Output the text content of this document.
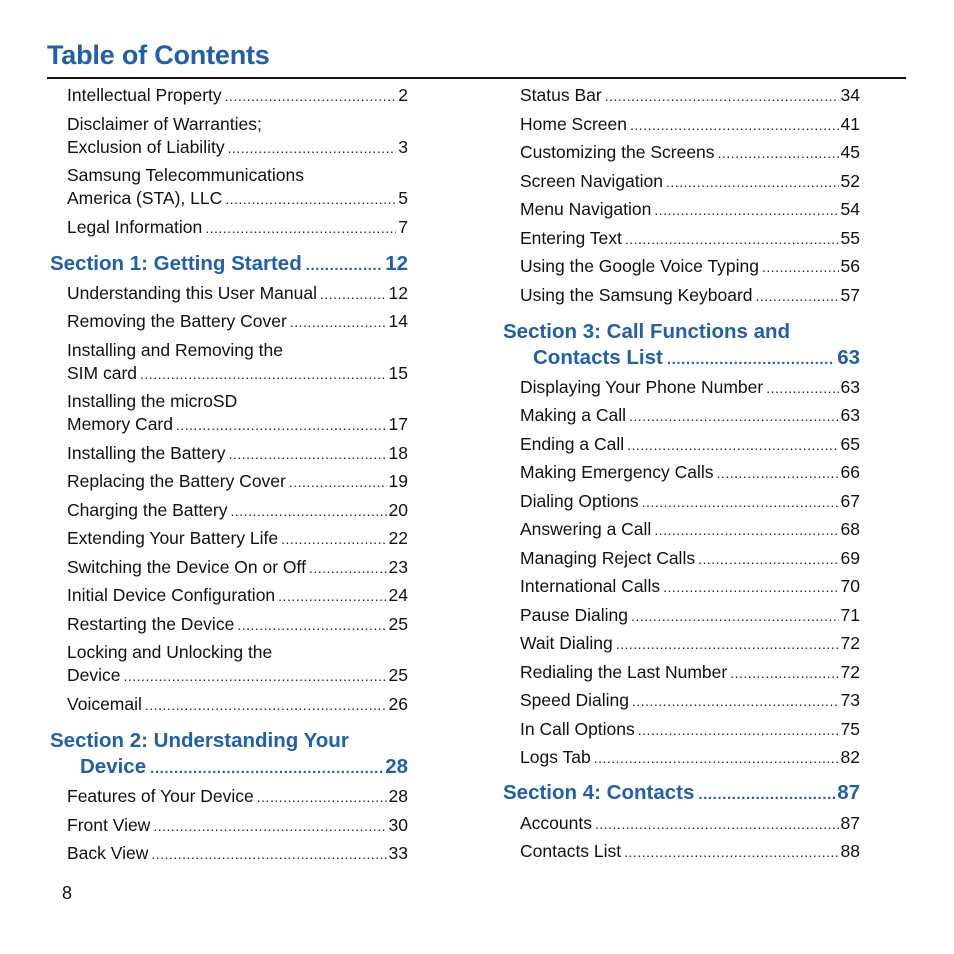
Table of Contents
Intellectual Property .....	2
Disclaimer of Warranties;
Exclusion of Liability .....	3
Samsung Telecommunications
America (STA), LLC .....	5
Legal Information .....	7
Section 1: Getting Started .....	12
Understanding this User Manual .....	12
Removing the Battery Cover .....	14
Installing and Removing the
SIM card .....	15
Installing the microSD
Memory Card .....	17
Installing the Battery .....	18
Replacing the Battery Cover .....	19
Charging the Battery .....	20
Extending Your Battery Life .....	22
Switching the Device On or Off .....	23
Initial Device Configuration .....	24
Restarting the Device .....	25
Locking and Unlocking the
Device .....	25
Voicemail .....	26
Section 2: Understanding Your
Device .....	28
Features of Your Device .....	28
Front View .....	30
Back View .....	33
Status Bar .....	34
Home Screen .....	41
Customizing the Screens .....	45
Screen Navigation .....	52
Menu Navigation .....	54
Entering Text .....	55
Using the Google Voice Typing .....	56
Using the Samsung Keyboard .....	57
Section 3: Call Functions and
Contacts List .....	63
Displaying Your Phone Number .....	63
Making a Call .....	63
Ending a Call .....	65
Making Emergency Calls .....	66
Dialing Options .....	67
Answering a Call .....	68
Managing Reject Calls .....	69
International Calls .....	70
Pause Dialing .....	71
Wait Dialing .....	72
Redialing the Last Number .....	72
Speed Dialing .....	73
In Call Options .....	75
Logs Tab .....	82
Section 4: Contacts .....	87
Accounts .....	87
Contacts List .....	88
8
